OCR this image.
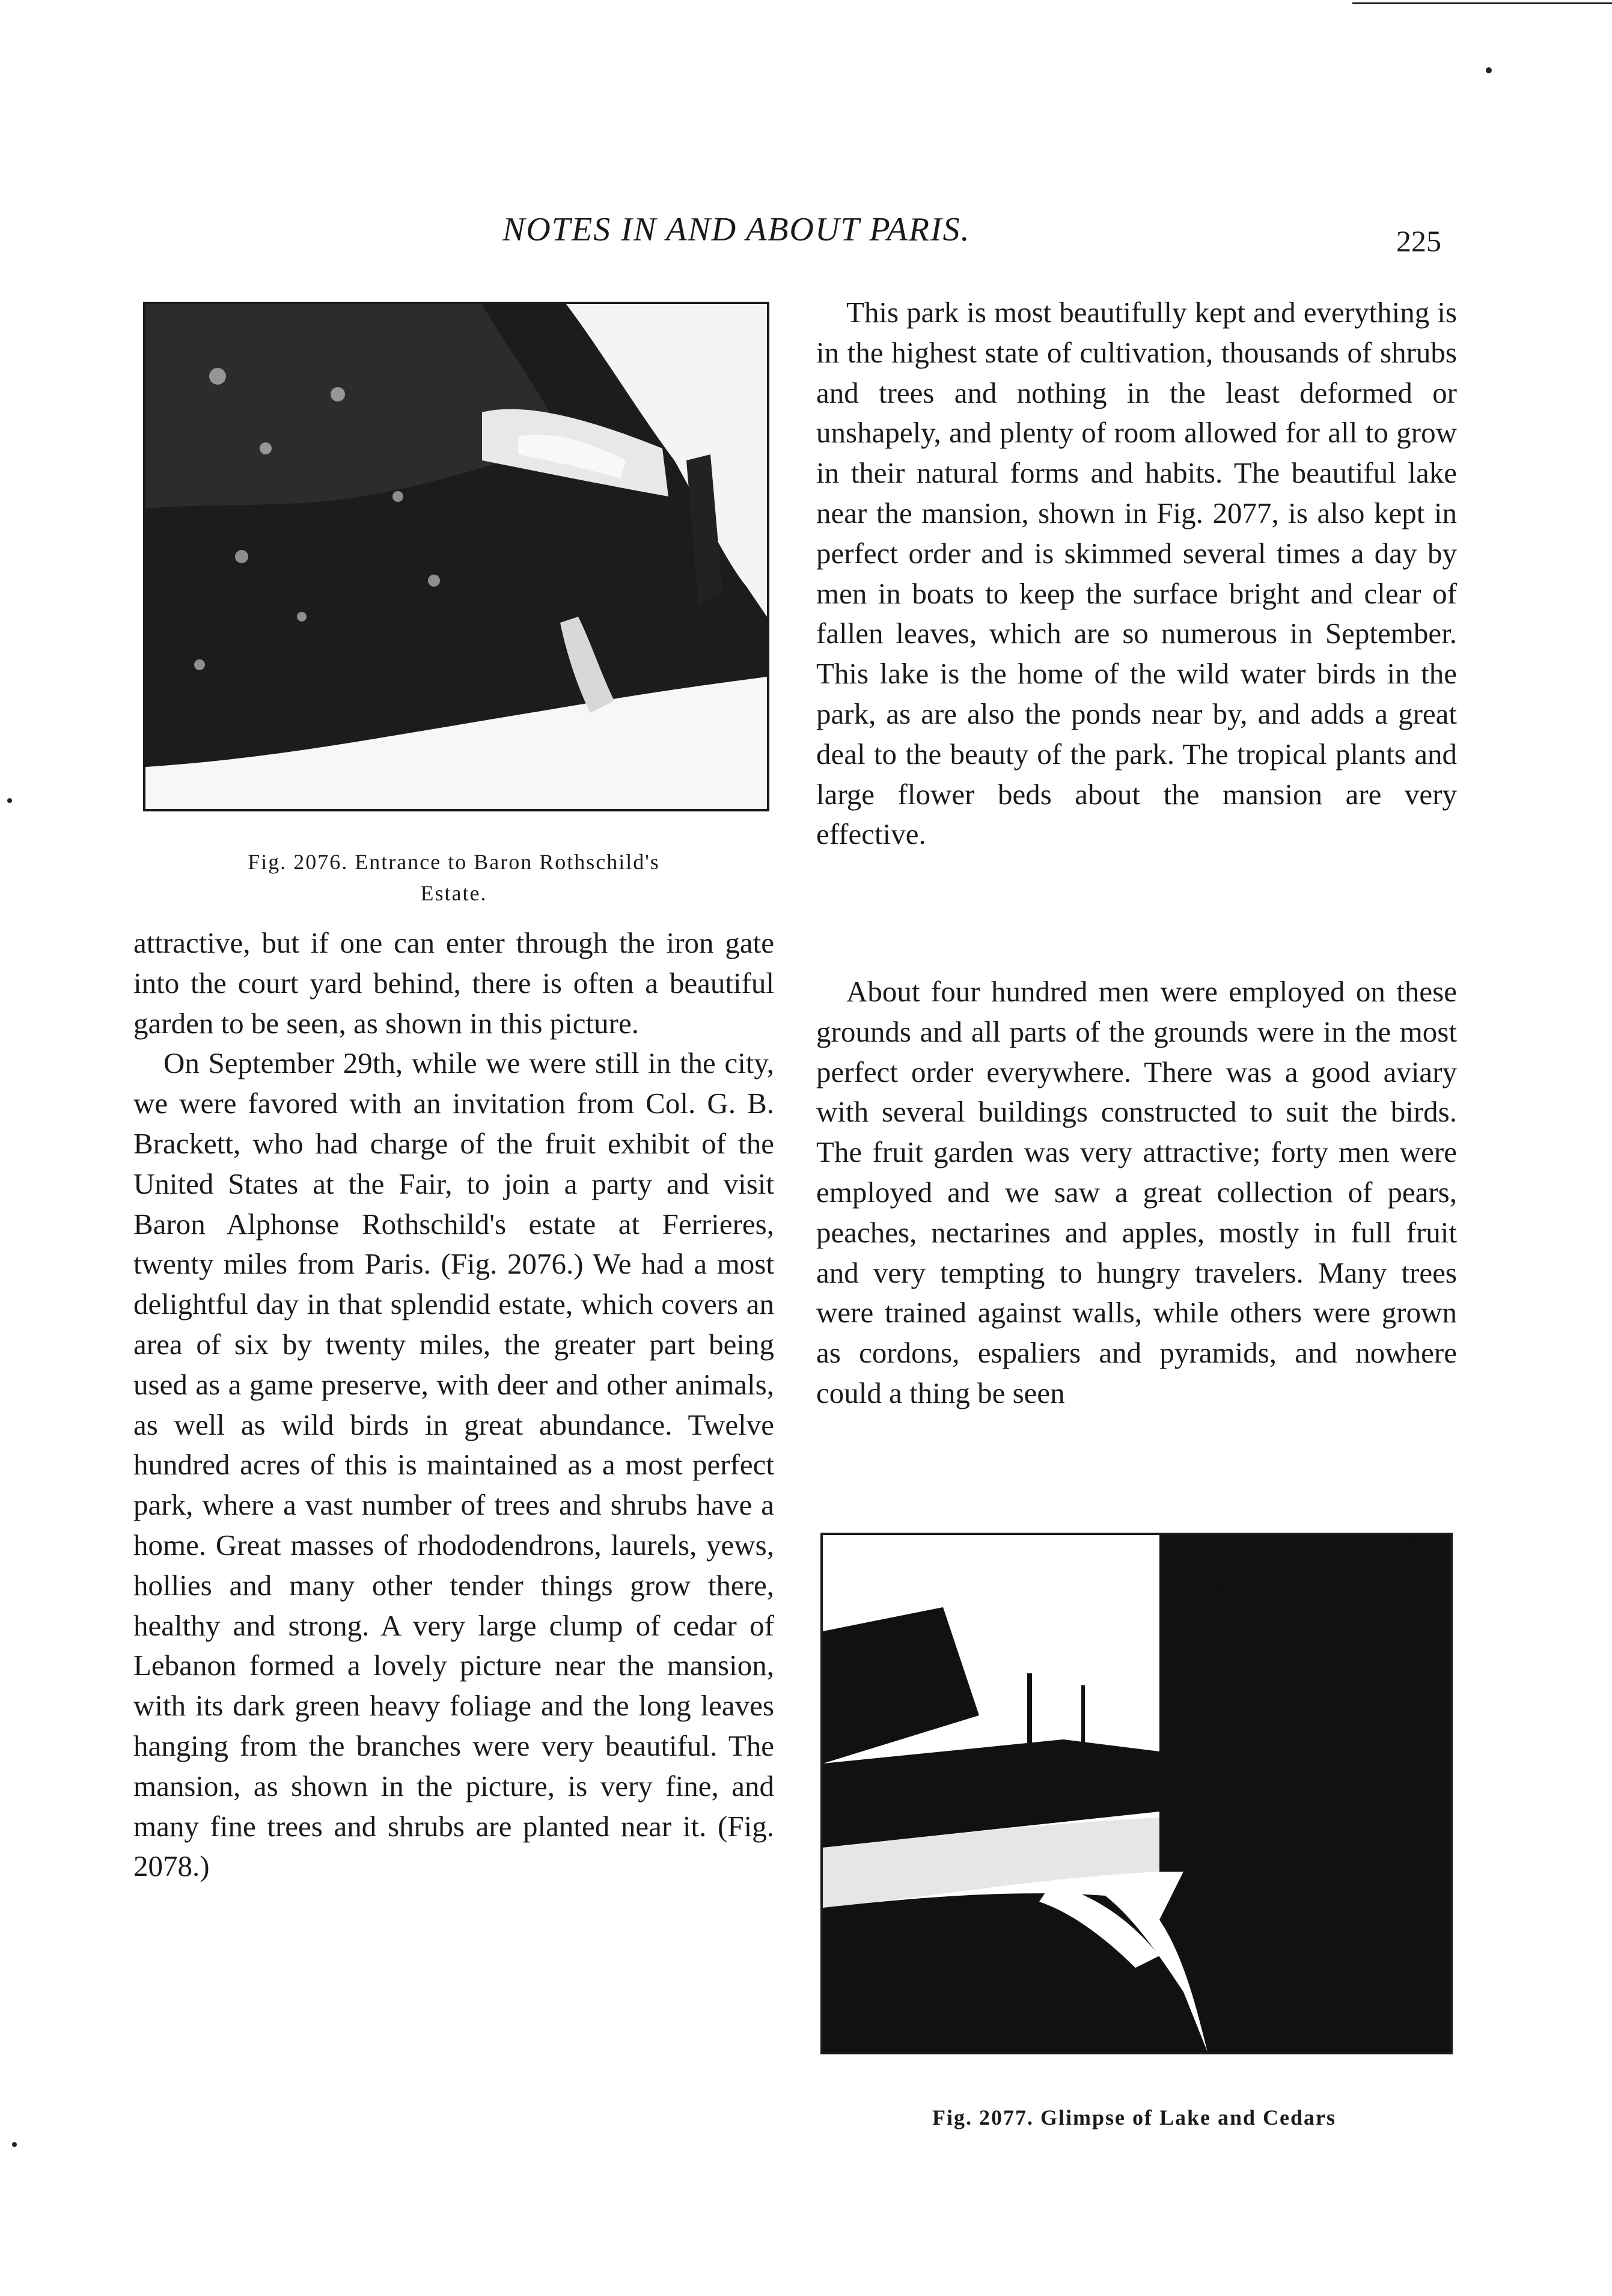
NOTES IN AND ABOUT PARIS.	225
Fig. 2076. Entrance to Baron Rothschild's
Estate.

attractive, but if one can enter through the iron gate into the court yard behind, there is often a beautiful garden to be seen, as shown in this picture.

On September 29th, while we were still in the city, we were favored with an invitation from Col. G. B. Brackett, who had charge of the fruit exhibit of the United States at the Fair, to join a party and visit Baron Alphonse Rothschild's estate at Ferrieres, twenty miles from Paris. (Fig. 2076.) We had a most delightful day in that splendid estate, which covers an area of six by twenty miles, the greater part being used as a game preserve, with deer and other animals, as well as wild birds in great abundance. Twelve hundred acres of this is maintained as a most perfect park, where a vast number of trees and shrubs have a home. Great masses of rhododendrons, laurels, yews, hollies and many other tender things grow there, healthy and strong. A very large clump of cedar of Lebanon formed a lovely picture near the mansion, with its dark green heavy foliage and the long leaves hanging from the branches were very beautiful. The mansion, as shown in the picture, is very fine, and many fine trees and shrubs are planted near it. (Fig. 2078.)

This park is most beautifully kept and everything is in the highest state of cultivation, thousands of shrubs and trees and nothing in the least deformed or unshapely, and plenty of room allowed for all to grow in their natural forms and habits. The beautiful lake near the mansion, shown in Fig. 2077, is also kept in perfect order and is skimmed several times a day by men in boats to keep the surface bright and clear of fallen leaves, which are so numerous in September. This lake is the home of the wild water birds in the park, as are also the ponds near by, and adds a great deal to the beauty of the park. The tropical plants and large flower beds about the mansion are very effective.

About four hundred men were employed on these grounds and all parts of the grounds were in the most perfect order everywhere. There was a good aviary with several buildings constructed to suit the birds. The fruit garden was very attractive; forty men were employed and we saw a great collection of pears, peaches, nectarines and apples, mostly in full fruit and very tempting to hungry travelers. Many trees were trained against walls, while others were grown as cordons, espaliers and pyramids, and nowhere could a thing be seen

Fig. 2077. Glimpse of Lake and Cedars
